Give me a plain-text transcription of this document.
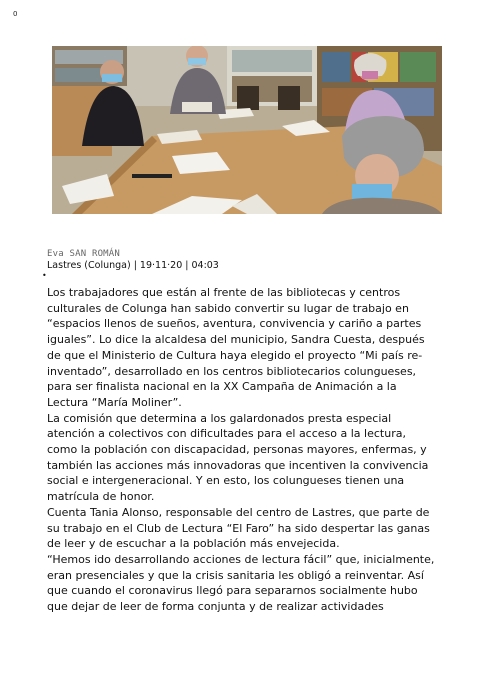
0
Eva SAN ROMÁN
Lastres (Colunga) | 19·11·20 | 04:03
•

Los trabajadores que están al frente de las bibliotecas y centros

culturales de Colunga han sabido convertir su lugar de trabajo en

“espacios llenos de sueños, aventura, convivencia y cariño a partes

iguales”. Lo dice la alcaldesa del municipio, Sandra Cuesta, después

de que el Ministerio de Cultura haya elegido el proyecto “Mi país re-

inventado”, desarrollado en los centros bibliotecarios colungueses,

para ser finalista nacional en la XX Campaña de Animación a la

Lectura “María Moliner”.

La comisión que determina a los galardonados presta especial

atención a colectivos con dificultades para el acceso a la lectura,

como la población con discapacidad, personas mayores, enfermas, y

también las acciones más innovadoras que incentiven la convivencia

social e intergeneracional. Y en esto, los colungueses tienen una

matrícula de honor.

Cuenta Tania Alonso, responsable del centro de Lastres, que parte de

su trabajo en el Club de Lectura “El Faro” ha sido despertar las ganas

de leer y de escuchar a la población más envejecida.

“Hemos ido desarrollando acciones de lectura fácil” que, inicialmente,

eran presenciales y que la crisis sanitaria les obligó a reinventar. Así

que cuando el coronavirus llegó para separarnos socialmente hubo

que dejar de leer de forma conjunta y de realizar actividades
